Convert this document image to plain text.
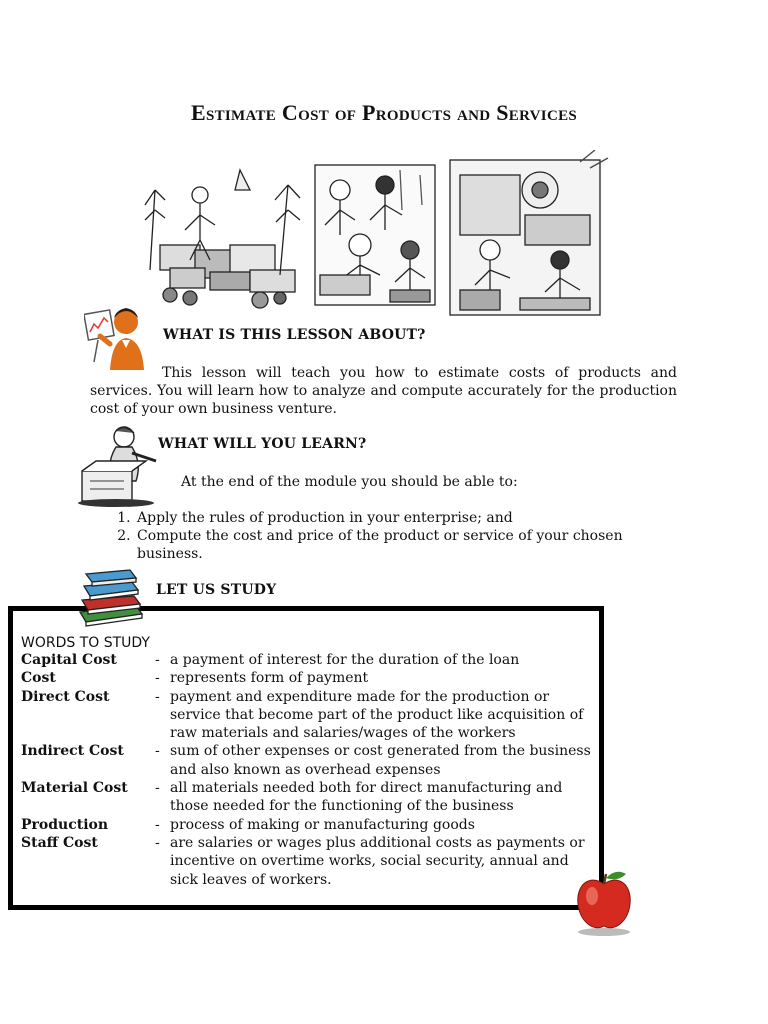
Estimate Cost of Products and Services
WHAT IS THIS LESSON ABOUT?
This lesson will teach you how to estimate costs of products and services. You will learn how to analyze and compute accurately for the production cost of your own business venture.
WHAT WILL YOU LEARN?
At the end of the module you should be able to:
1. Apply the rules of production in your enterprise; and
2. Compute the cost and price of the product or service of your chosen business.
WORDS TO STUDY
Capital Cost	- a payment of interest for the duration of the loan
Cost	- represents form of payment
Direct Cost	- payment and expenditure made for the production or service that become part of the product like acquisition of raw materials and salaries/wages of the workers
Indirect Cost	- sum of other expenses or cost generated from the business and also known as overhead expenses
Material Cost	- all materials needed both for direct manufacturing and those needed for the functioning of the business
Production	- process of making or manufacturing goods
Staff Cost	- are salaries or wages plus additional costs as payments or incentive on overtime works, social security, annual and sick leaves of workers.
LET US STUDY
